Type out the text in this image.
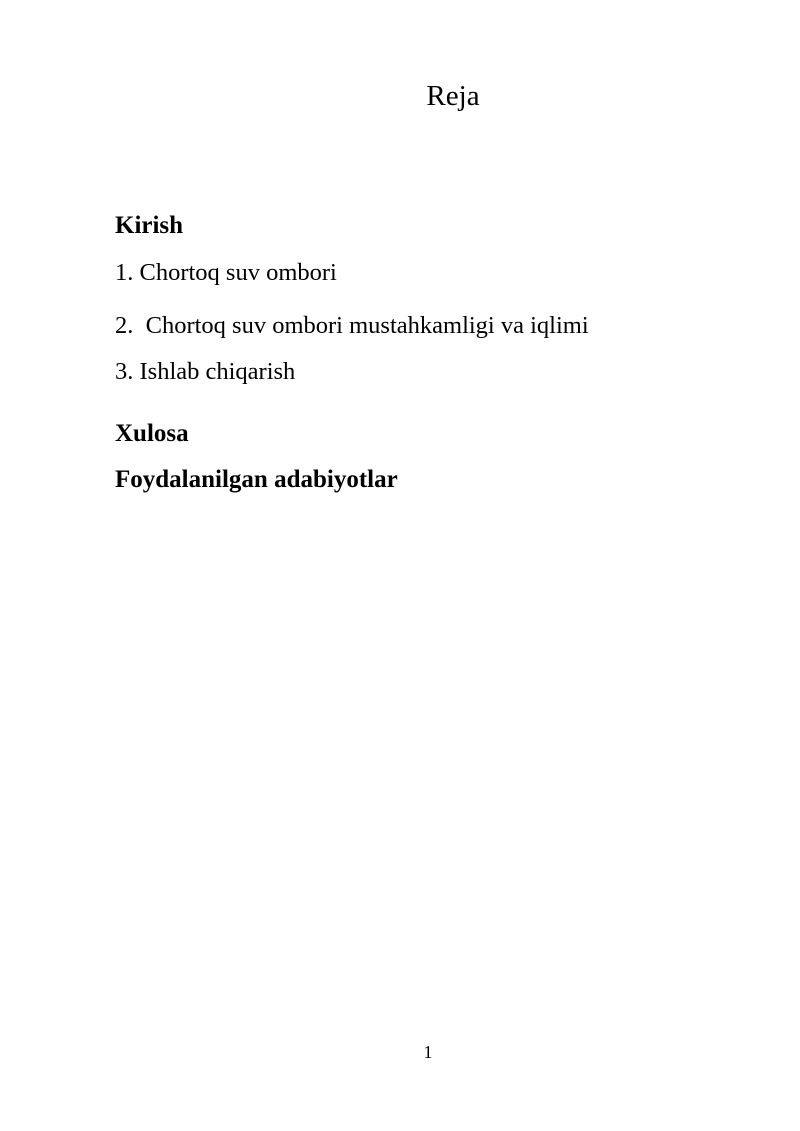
Reja

Kirish

1. Chortoq suv ombori

2.  Chortoq suv ombori mustahkamligi va iqlimi

3. Ishlab chiqarish

Xulosa

Foydalanilgan adabiyotlar

1
